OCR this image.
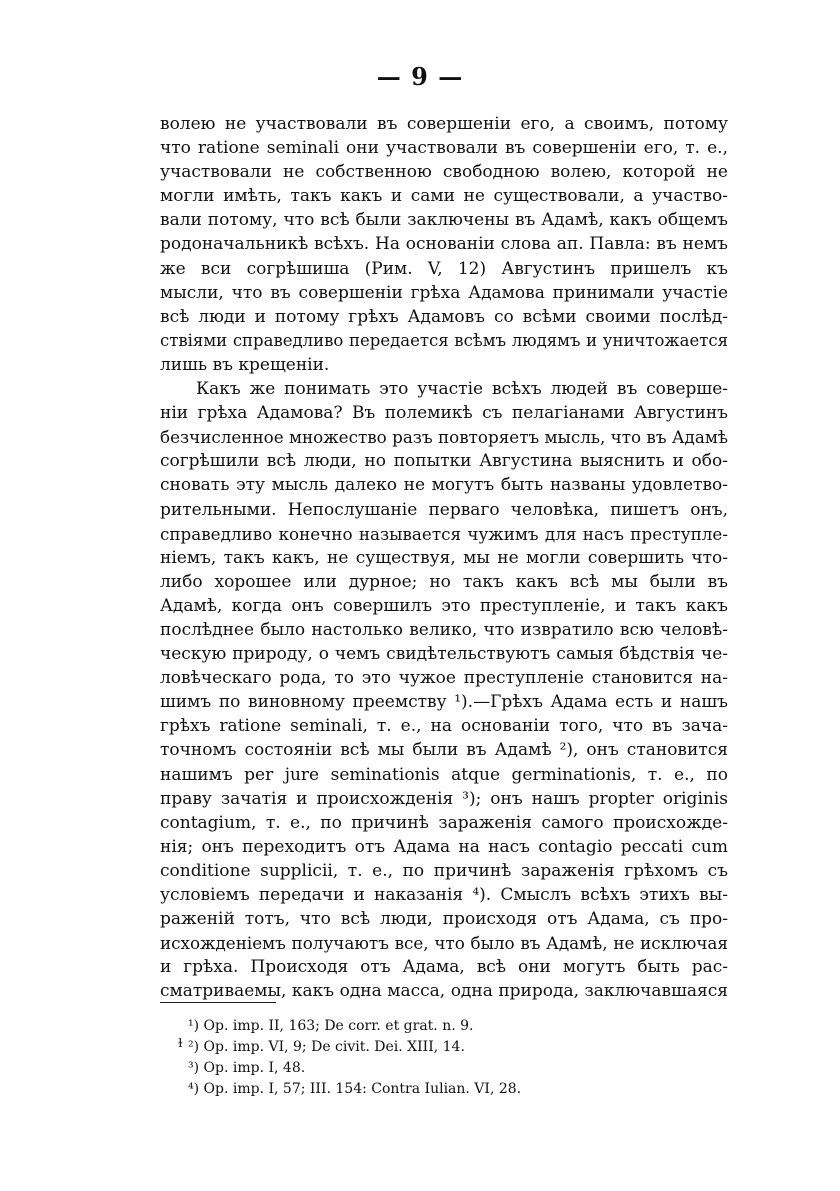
— 9 —
волею не участвовали въ совершеніи его, а своимъ, потому
что ratione seminali они участвовали въ совершеніи его, т. е.,
участвовали не собственною свободною волею, которой не
могли имѣть, такъ какъ и сами не существовали, а участво-
вали потому, что всѣ были заключены въ Адамѣ, какъ общемъ
родоначальникѣ всѣхъ. На основаніи слова ап. Павла: въ немъ
же вси согрѣшиша (Рим. V, 12) Августинъ пришелъ къ
мысли, что въ совершеніи грѣха Адамова принимали участіе
всѣ люди и потому грѣхъ Адамовъ со всѣми своими послѣд-
ствіями справедливо передается всѣмъ людямъ и уничтожается
лишь въ крещеніи.
Какъ же понимать это участіе всѣхъ людей въ соверше-
ніи грѣха Адамова? Въ полемикѣ съ пелагіанами Августинъ
безчисленное множество разъ повторяетъ мысль, что въ Адамѣ
согрѣшили всѣ люди, но попытки Августина выяснить и обо-
сновать эту мысль далеко не могутъ быть названы удовлетво-
рительными. Непослушаніе перваго человѣка, пишетъ онъ,
справедливо конечно называется чужимъ для насъ преступле-
ніемъ, такъ какъ, не существуя, мы не могли совершить что-
либо хорошее или дурное; но такъ какъ всѣ мы были въ
Адамѣ, когда онъ совершилъ это преступленіе, и такъ какъ
послѣднее было настолько велико, что извратило всю человѣ-
ческую природу, о чемъ свидѣтельствуютъ самыя бѣдствія че-
ловѣческаго рода, то это чужое преступленіе становится на-
шимъ по виновному преемству ¹).—Грѣхъ Адама есть и нашъ
грѣхъ ratione seminali, т. е., на основаніи того, что въ зача-
точномъ состояніи всѣ мы были въ Адамѣ ²), онъ становится
нашимъ per jure seminationis atque germinationis, т. е., по
праву зачатія и происхожденія ³); онъ нашъ propter originis
contagium, т. е., по причинѣ зараженія самого происхожде-
нія; онъ переходитъ отъ Адама на насъ contagio peccati cum
conditione supplicii, т. е., по причинѣ зараженія грѣхомъ съ
условіемъ передачи и наказанія ⁴). Смыслъ всѣхъ этихъ вы-
раженій тотъ, что всѣ люди, происходя отъ Адама, съ про-
исхожденіемъ получаютъ все, что было въ Адамѣ, не исключая
и грѣха. Происходя отъ Адама, всѣ они могутъ быть рас-
сматриваемы, какъ одна масса, одна природа, заключавшаяся
ɫ
¹) Op. imp. II, 163; De corr. et grat. n. 9.
²) Op. imp. VI, 9; De civit. Dei. XIII, 14.
³) Op. imp. I, 48.
⁴) Op. imp. I, 57; III. 154: Contra Iulian. VI, 28.
